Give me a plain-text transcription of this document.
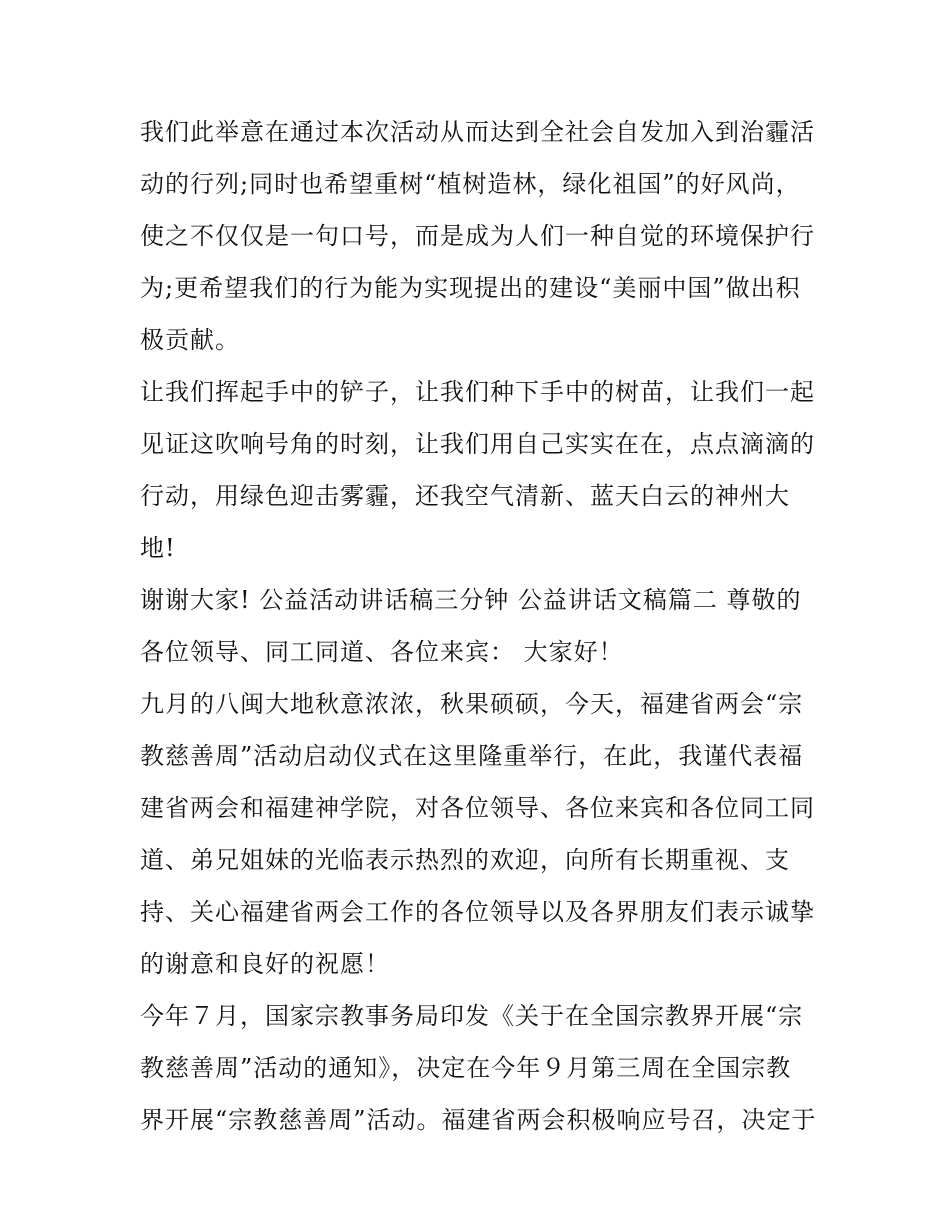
我们此举意在通过本次活动从而达到全社会自发加入到治霾活
动的行列;同时也希望重树“植树造林，绿化祖国”的好风尚，
使之不仅仅是一句口号，而是成为人们一种自觉的环境保护行
为;更希望我们的行为能为实现提出的建设“美丽中国”做出积
极贡献。
让我们挥起手中的铲子，让我们种下手中的树苗，让我们一起
见证这吹响号角的时刻，让我们用自己实实在在，点点滴滴的
行动，用绿色迎击雾霾，还我空气清新、蓝天白云的神州大
地!
谢谢大家! 公益活动讲话稿三分钟 公益讲话文稿篇二 尊敬的
各位领导、同工同道、各位来宾： 大家好！
九月的八闽大地秋意浓浓，秋果硕硕，今天，福建省两会“宗
教慈善周”活动启动仪式在这里隆重举行，在此，我谨代表福
建省两会和福建神学院，对各位领导、各位来宾和各位同工同
道、弟兄姐妹的光临表示热烈的欢迎，向所有长期重视、支
持、关心福建省两会工作的各位领导以及各界朋友们表示诚挚
的谢意和良好的祝愿！
今年７月，国家宗教事务局印发《关于在全国宗教界开展“宗
教慈善周”活动的通知》，决定在今年９月第三周在全国宗教
界开展“宗教慈善周”活动。福建省两会积极响应号召，决定于
